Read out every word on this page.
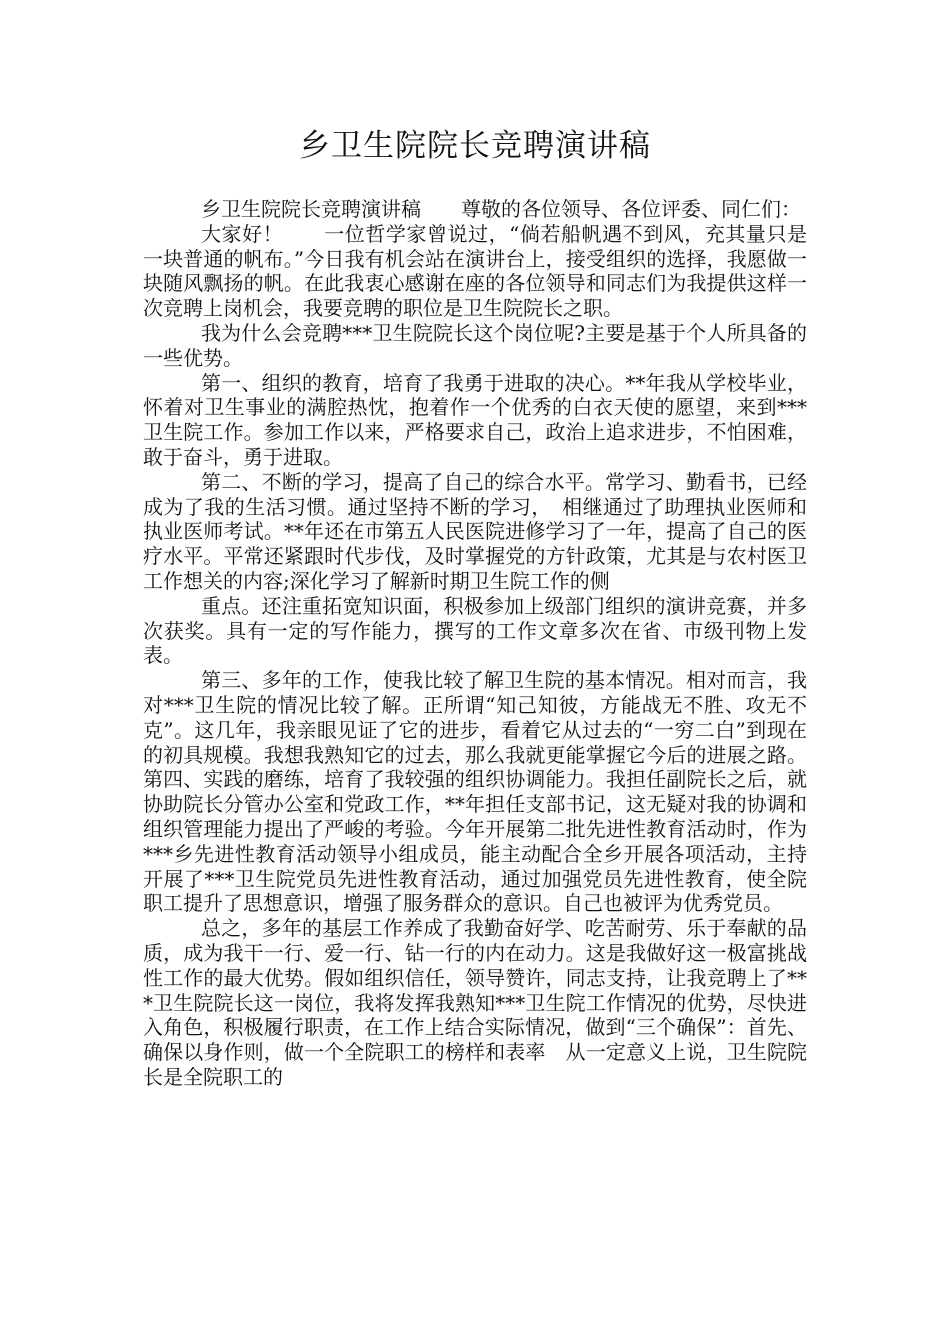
乡卫生院院长竞聘演讲稿

乡卫生院院长竞聘演讲稿　　尊敬的各位领导、各位评委、同仁们：

大家好！　　一位哲学家曾说过，“倘若船帆遇不到风，充其量只是一块普通的帆布。”今日我有机会站在演讲台上，接受组织的选择，我愿做一块随风飘扬的帆。在此我衷心感谢在座的各位领导和同志们为我提供这样一次竞聘上岗机会，我要竞聘的职位是卫生院院长之职。

我为什么会竞聘***卫生院院长这个岗位呢?主要是基于个人所具备的一些优势。

第一、组织的教育，培育了我勇于进取的决心。**年我从学校毕业，怀着对卫生事业的满腔热忱，抱着作一个优秀的白衣天使的愿望，来到***卫生院工作。参加工作以来，严格要求自己，政治上追求进步，不怕困难，敢于奋斗，勇于进取。

第二、不断的学习，提高了自己的综合水平。常学习、勤看书，已经成为了我的生活习惯。通过坚持不断的学习，　相继通过了助理执业医师和执业医师考试。**年还在市第五人民医院进修学习了一年，提高了自己的医疗水平。平常还紧跟时代步伐，及时掌握党的方针政策，尤其是与农村医卫工作想关的内容;深化学习了解新时期卫生院工作的侧

重点。还注重拓宽知识面，积极参加上级部门组织的演讲竞赛，并多次获奖。具有一定的写作能力，撰写的工作文章多次在省、市级刊物上发表。

第三、多年的工作，使我比较了解卫生院的基本情况。相对而言，我对***卫生院的情况比较了解。正所谓“知己知彼，方能战无不胜、攻无不克”。这几年，我亲眼见证了它的进步，看着它从过去的“一穷二白”到现在的初具规模。我想我熟知它的过去，那么我就更能掌握它今后的进展之路。第四、实践的磨练，培育了我较强的组织协调能力。我担任副院长之后，就协助院长分管办公室和党政工作，**年担任支部书记，这无疑对我的协调和组织管理能力提出了严峻的考验。今年开展第二批先进性教育活动时，作为***乡先进性教育活动领导小组成员，能主动配合全乡开展各项活动，主持开展了***卫生院党员先进性教育活动，通过加强党员先进性教育，使全院职工提升了思想意识，增强了服务群众的意识。自己也被评为优秀党员。

总之，多年的基层工作养成了我勤奋好学、吃苦耐劳、乐于奉献的品质，成为我干一行、爱一行、钻一行的内在动力。这是我做好这一极富挑战性工作的最大优势。假如组织信任，领导赞许，同志支持，让我竞聘上了***卫生院院长这一岗位，我将发挥我熟知***卫生院工作情况的优势，尽快进入角色，积极履行职责，在工作上结合实际情况，做到“三个确保”：首先、确保以身作则，做一个全院职工的榜样和表率　从一定意义上说，卫生院院长是全院职工的
